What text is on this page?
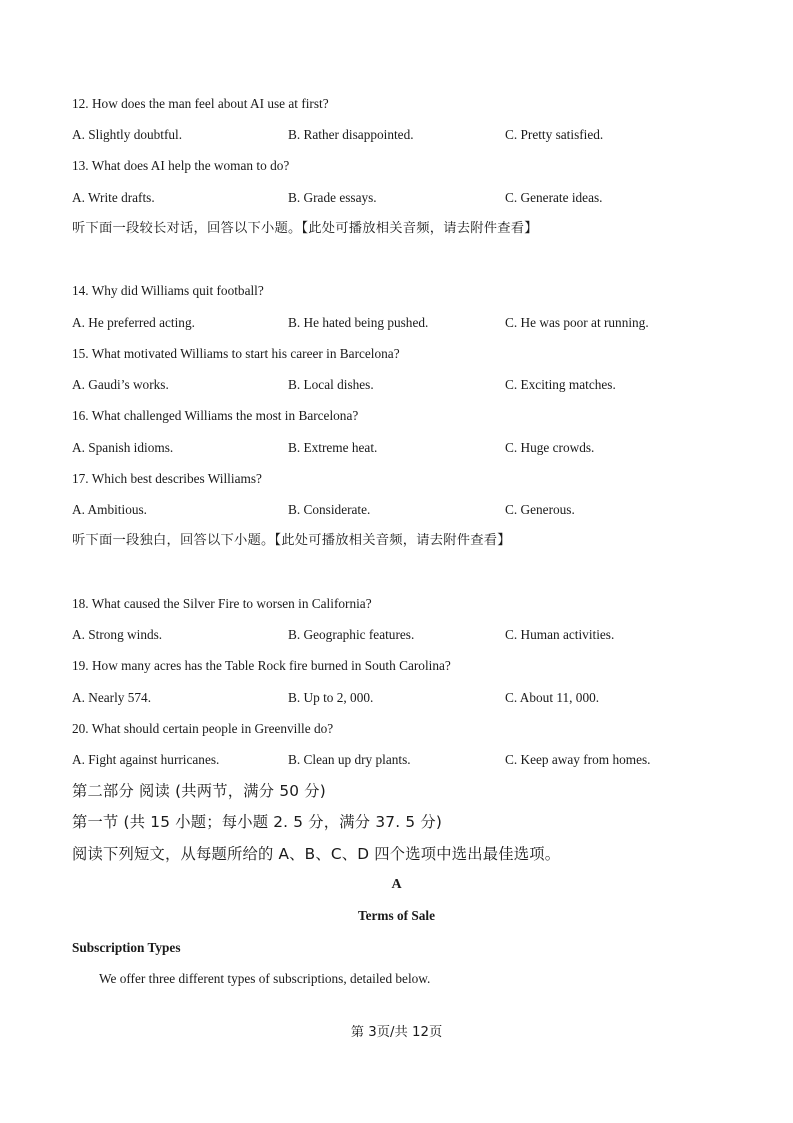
12. How does the man feel about AI use at first?
A. Slightly doubtful.	B. Rather disappointed.	C. Pretty satisfied.
13. What does AI help the woman to do?
A. Write drafts.	B. Grade essays.	C. Generate ideas.
听下面一段较长对话，回答以下小题。【此处可播放相关音频，请去附件查看】
14. Why did Williams quit football?
A. He preferred acting.	B. He hated being pushed.	C. He was poor at running.
15. What motivated Williams to start his career in Barcelona?
A. Gaudi’s works.	B. Local dishes.	C. Exciting matches.
16. What challenged Williams the most in Barcelona?
A. Spanish idioms.	B. Extreme heat.	C. Huge crowds.
17. Which best describes Williams?
A. Ambitious.	B. Considerate.	C. Generous.
听下面一段独白，回答以下小题。【此处可播放相关音频，请去附件查看】
18. What caused the Silver Fire to worsen in California?
A. Strong winds.	B. Geographic features.	C. Human activities.
19. How many acres has the Table Rock fire burned in South Carolina?
A. Nearly 574.	B. Up to 2, 000.	C. About 11, 000.
20. What should certain people in Greenville do?
A. Fight against hurricanes.	B. Clean up dry plants.	C. Keep away from homes.
第二部分 阅读 (共两节，满分 50 分)
第一节 (共 15 小题；每小题 2. 5 分，满分 37. 5 分)
阅读下列短文，从每题所给的 A、B、C、D 四个选项中选出最佳选项。
A
Terms of Sale
Subscription Types
We offer three different types of subscriptions, detailed below.
第 3页/共 12页
